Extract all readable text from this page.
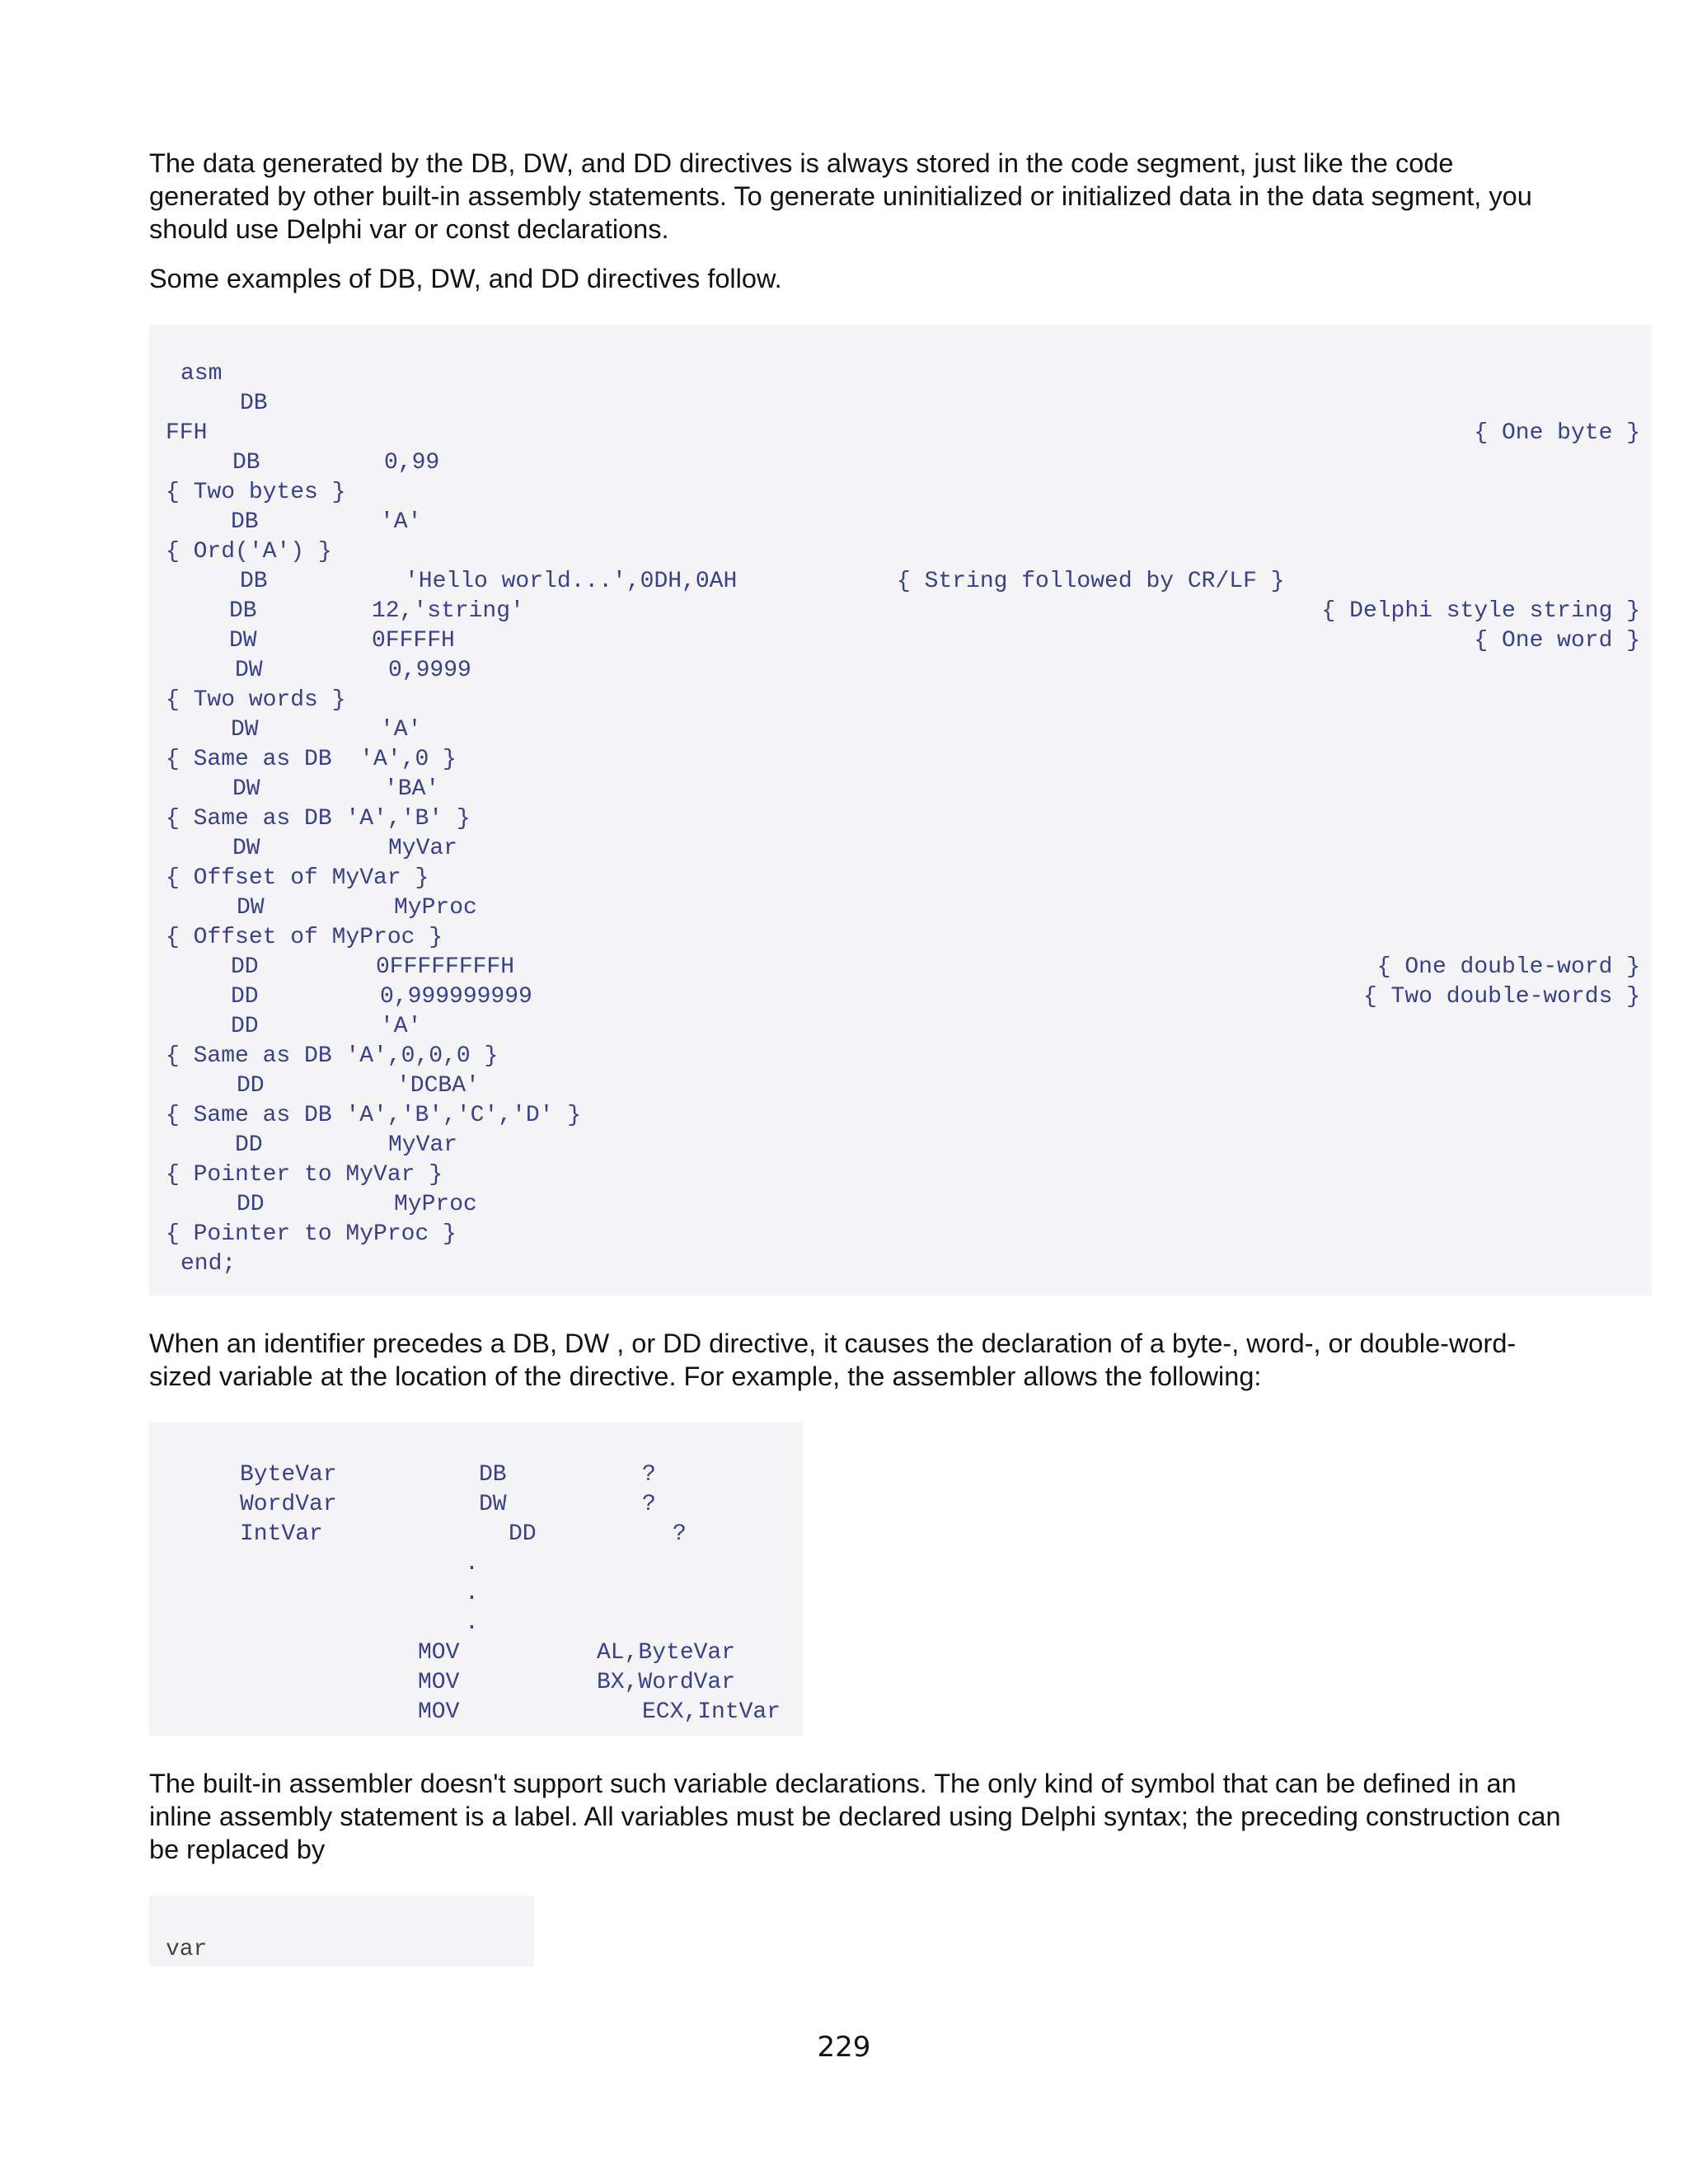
The data generated by the DB, DW, and DD directives is always stored in the code segment, just like the code generated by other built-in assembly statements. To generate uninitialized or initialized data in the data segment, you should use Delphi var or const declarations.

Some examples of DB, DW, and DD directives follow.

asm
DB
FFH	{ One byte }
DB	0,99
{ Two bytes }
DB	'A'
{ Ord('A') }
DB	'Hello world...',0DH,0AH	{ String followed by CR/LF }
DB	12,'string'	{ Delphi style string }
DW	0FFFFH	{ One word }
DW	0,9999
{ Two words }
DW	'A'
{ Same as DB  'A',0 }
DW	'BA'
{ Same as DB 'A','B' }
DW	MyVar
{ Offset of MyVar }
DW	MyProc
{ Offset of MyProc }
DD	0FFFFFFFFH	{ One double-word }
DD	0,999999999	{ Two double-words }
DD	'A'
{ Same as DB 'A',0,0,0 }
DD	'DCBA'
{ Same as DB 'A','B','C','D' }
DD	MyVar
{ Pointer to MyVar }
DD	MyProc
{ Pointer to MyProc }
end;

When an identifier precedes a DB, DW , or DD directive, it causes the declaration of a byte-, word-, or double-word-sized variable at the location of the directive. For example, the assembler allows the following:

ByteVar	DB	?
WordVar	DW	?
IntVar	DD	?
.
.
.
MOV	AL,ByteVar
MOV	BX,WordVar
MOV	ECX,IntVar

The built-in assembler doesn't support such variable declarations. The only kind of symbol that can be defined in an inline assembly statement is a label. All variables must be declared using Delphi syntax; the preceding construction can be replaced by

var
229
